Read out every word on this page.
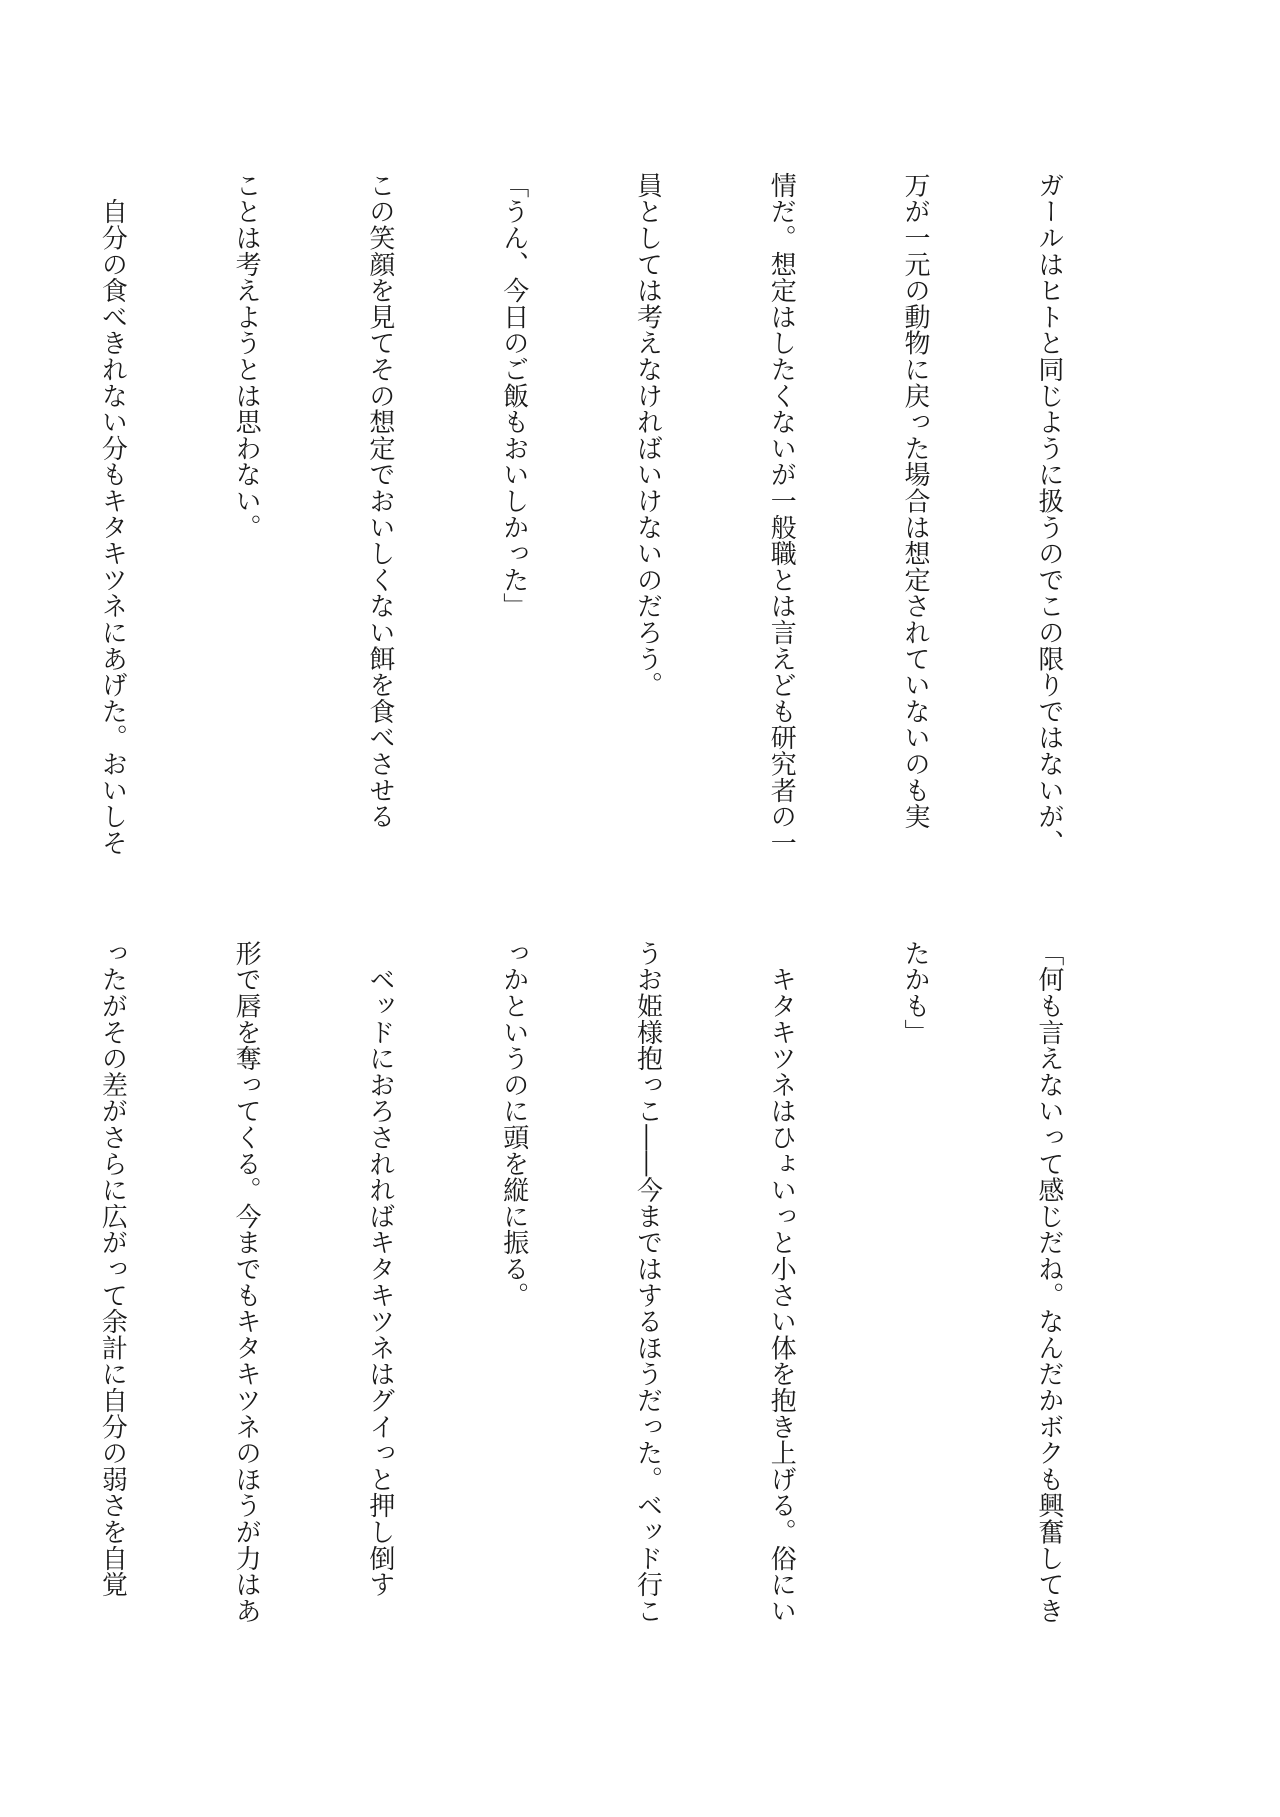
ガールはヒトと同じように扱うのでこの限りではないが、

万が一元の動物に戻った場合は想定されていないのも実

情だ。想定はしたくないが一般職とは言えども研究者の一

員としては考えなければいけないのだろう。

「うん、今日のご飯もおいしかった」

この笑顔を見てその想定でおいしくない餌を食べさせる

ことは考えようとは思わない。

　自分の食べきれない分もキタキツネにあげた。おいしそ

「何も言えないって感じだね。なんだかボクも興奮してき

たかも」

　キタキツネはひょいっと小さい体を抱き上げる。俗にい

うお姫様抱っこ――今まではするほうだった。ベッド行こ

っかというのに頭を縦に振る。

　ベッドにおろされればキタキツネはグイっと押し倒す

形で唇を奪ってくる。今までもキタキツネのほうが力はあ

ったがその差がさらに広がって余計に自分の弱さを自覚
